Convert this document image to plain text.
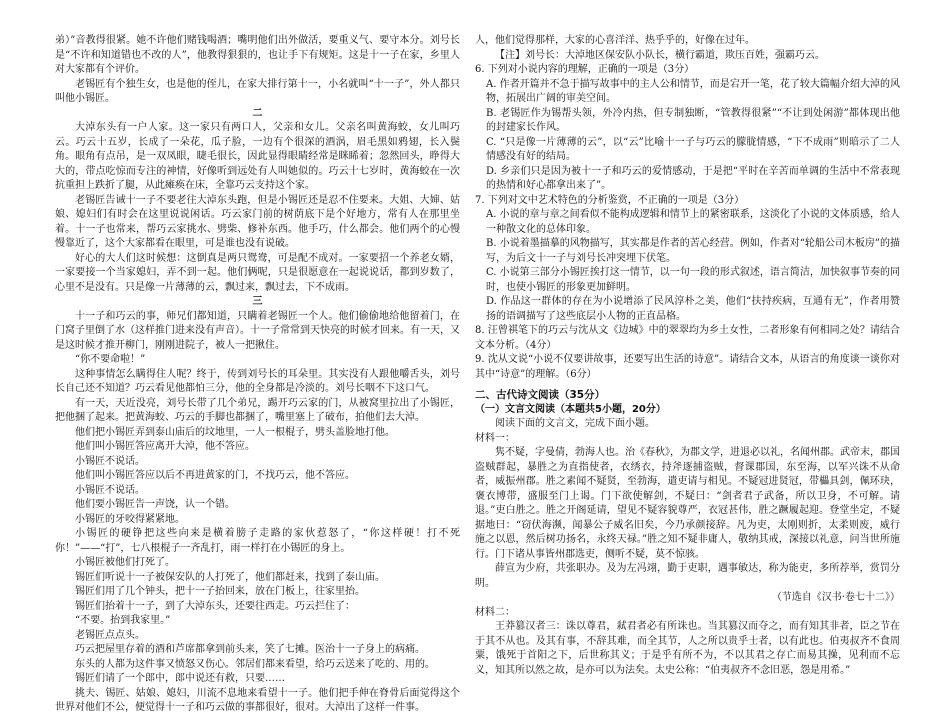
弟）”音教得很紧。她不许他们赌钱喝酒；嘴明他们出外做活，要重义气、要守本分。刘号长是“不许和知道错也不改的人”，他教得狠狠的，也让手下有规矩。这是十一子在家，乡里人对大家都有个评价。

老锡匠有个独生女，也是他的侄儿，在家大排行第十一，小名就叫“十一子”，外人都只叫他小锡匠。

二

大淖东头有一户人家。这一家只有两口人，父亲和女儿。父亲名叫黄海蛟，女儿叫巧云。巧云十五岁，长成了一朵花，瓜子脸，一边有个很深的酒涡，眉毛黑如鸦翅，长入鬓角。眼角有点吊，是一双凤眼，睫毛很长，因此显得眼睛经常是眯睎着；忽然回头，睁得大大的，带点吃惊而专注的神情，好像听到远处有人叫她似的。巧云十七岁时，黄海蛟在一次抗重担上跌折了腿，从此瘫痪在床，全靠巧云支持这个家。

老锡匠告诫十一子不要老往大淖东头跑，但是小锡匠还是忍不住要来。大姐、大婶、姑娘、媳妇们有时会在这里说说闲话。巧云家门前的树荫底下是个好地方，常有人在那里坐着。十一子也常来，帮巧云家挑水、劈柴、修补东西。他手巧，什么都会。他们两个的心慢慢靠近了，这个大家都看在眼里，可是谁也没有说破。

好心的大人们这时候想：这倒真是两只鸳鸯，可是配不成对。一家要招一个养老女婿，一家要接一个当家媳妇，弄不到一起。他们俩呢，只是很愿意在一起说说话，都到岁数了，心里不是没有。只是像一片薄薄的云，飘过来，飘过去，下不成雨。

三

十一子和巧云的事，师兄们都知道，只瞒着老锡匠一个人。他们偷偷地给他留着门，在门窝子里倒了水（这样推门进来没有声音）。十一子常常到天快亮的时候才回来。有一天，又是这时候才推开柳门，刚刚进院子，被人一把揪住。

“你不要命啦！”

这种事情怎么瞒得住人呢？终于，传到刘号长的耳朵里。其实没有人跟他嚼舌头，刘号长自己还不知道？巧云看见他都怕三分，他的全身都是冷淡的。刘号长咽不下这口气。

有一天，天近没亮，刘号长带了几个弟兄，踢开巧云家的门，从被窝里拉出了小锡匠，把他捆了起来。把黄海蛟、巧云的手脚也都捆了，嘴里塞上了破布，拍他们去大淖。

他们把小锡匠弄到泰山庙后的坟地里，一人一根棍子，劈头盖脸地打他。

他们叫小锡匠答应离开大淖，他不答应。

小锡匠不说话。

他们叫小锡匠答应以后不再进黄家的门，不找巧云，他不答应。

小锡匠不说话。

他们要小锡匠告一声饶，认一个错。

小锡匠的牙咬得紧紧地。

小锡匠的硬铮把这些向来是横着膀子走路的家伙惹怒了，“你这样硬！打不死你！”——“打”，七八根棍子一齐乱打，雨一样打在小锡匠的身上。

小锡匠被他们打死了。

锡匠们听说十一子被保安队的人打死了，他们都赶来，找到了泰山庙。

锡匠们用了几个钟头，把十一子抬回来，放在门板上，往家里抬。

锡匠们抬着十一子，到了大淖东头，还要往西走。巧云拦住了：

“不要。抬到我家里。”

老锡匠点点头。

巧云把屋里存着的酒和芦席都拿到前头来，笑了七摊。医治十一子身上的病痛。

东头的人都为这件事又愤怒又伤心。邻居们都来看望，给巧云送来了吃的、用的。

锡匠们请了一个郎中，郎中说还有救，只要……

挑夫、锡匠、姑娘、媳妇，川流不息地来看望十一子。他们把手伸在脊骨后面觉得这个世界对他们不公，便觉得十一子和巧云做的事都很好，很对。大淖出了这样一件事。

人，他们觉得那样，大家的心喜洋洋、热乎乎的，好像在过年。

【注】刘号长：大淖地区保安队小队长，横行霸道，欺压百姓，强霸巧云。

6. 下列对小说内容的理解，正确的一项是（3分）

A. 作者开篇并不急于描写故事中的主人公和情节，而是宕开一笔，花了较大篇幅介绍大淖的风物，拓展出广阔的审美空间。

B. 老锡匠作为锡帮头领，外冷内热，但专制独断，“管教得很紧”“不让到处闲游”都体现出他的封建家长作风。

C. “只是像一片薄薄的云”，以“云”比喻十一子与巧云的朦胧情感，“下不成雨”则暗示了二人情感没有好的结局。

D. 乡亲们只是因为被十一子和巧云的爱情感动，于是把“平时在辛苦而单调的生活中不常表现的热情和好心都拿出来了”。

7. 下列对文中艺术特色的分析鉴赏，不正确的一项是（3分）

A. 小说的章与章之间看似不能构成逻辑和情节上的紧密联系，这淡化了小说的文体质感，给人一种散文化的总体印象。

B. 小说着墨描摹的风物描写，其实都是作者的苦心经营。例如，作者对“轮船公司木板房”的描写，为后文十一子与刘号长冲突埋下伏笔。

C. 小说第三部分小锡匠挨打这一情节，以一句一段的形式叙述，语言简洁，加快叙事节奏的同时，也使小锡匠的形象更加鲜明。

D. 作品这一群体的存在为小说增添了民风淳朴之美，他们“扶持疾病，互通有无”，作者用赞扬的语调描写了这些底层小人物的正直品格。

8. 汪曾祺笔下的巧云与沈从文《边城》中的翠翠均为乡土女性，二者形象有何相同之处？请结合文本分析。（4分）

9. 沈从文说“小说不仅要讲故事，还要写出生活的诗意”。请结合文本，从语言的角度谈一谈你对其中“诗意”的理解。（6分）

二、古代诗文阅读（35分）

（一）文言文阅读（本题共5小题，20分）

阅读下面的文言文，完成下面小题。

材料一：

隽不疑，字曼倩，勃海人也。治《春秋》，为郡文学，进退必以礼，名闻州郡。武帝末，郡国盗贼群起，暴胜之为直指使者，衣绣衣，持斧逐捕盗贼，督课郡国，东至海，以军兴诛不从命者，威振州郡。胜之素闻不疑贤，至勃海，遣吏请与相见。不疑冠进贤冠，带櫑具剑，佩环玦，褒衣博带，盛服至门上谒。门下欲使解剑，不疑曰：“剑者君子武备，所以卫身，不可解。请退。”吏白胜之。胜之开阁延请，望见不疑容貌尊严，衣冠甚伟，胜之蹶履起迎。登堂坐定，不疑据地曰：“窃伏海濒，闻暴公子威名旧矣，今乃承颜接辞。凡为吏，太刚则折，太柔则废，威行施之以恩，然后树功扬名，永终天禄。”胜之知不疑非庸人，敬纳其戒，深接以礼意，问当世所施行。门下诸从事皆州郡选吏，侧听不疑，莫不惊骇。

薛宣为少府，共张职办。及为左冯翊，勤于吏职，遇事敏达，称为能吏，多所荐举，赏罚分明。

（节选自《汉书·卷七十二》）

材料二：

王莽篡汉者三：诛以尊君，弒君者必有所诛也。当其篡汉而夺之，而有知其非者，臣之节在于其不从也。及其有事，不辞其难，而全其节，人之所以贵乎士者，以有此也。伯夷叔齐不食周粟，饿死于首阳之下，后世称其义；于是乎有所不为，不以其君之存亡而易其操，见利而不忘义，知其所以然之故，是亦可以为法矣。太史公称：“伯夷叔齐不念旧恶，怨是用希。”
